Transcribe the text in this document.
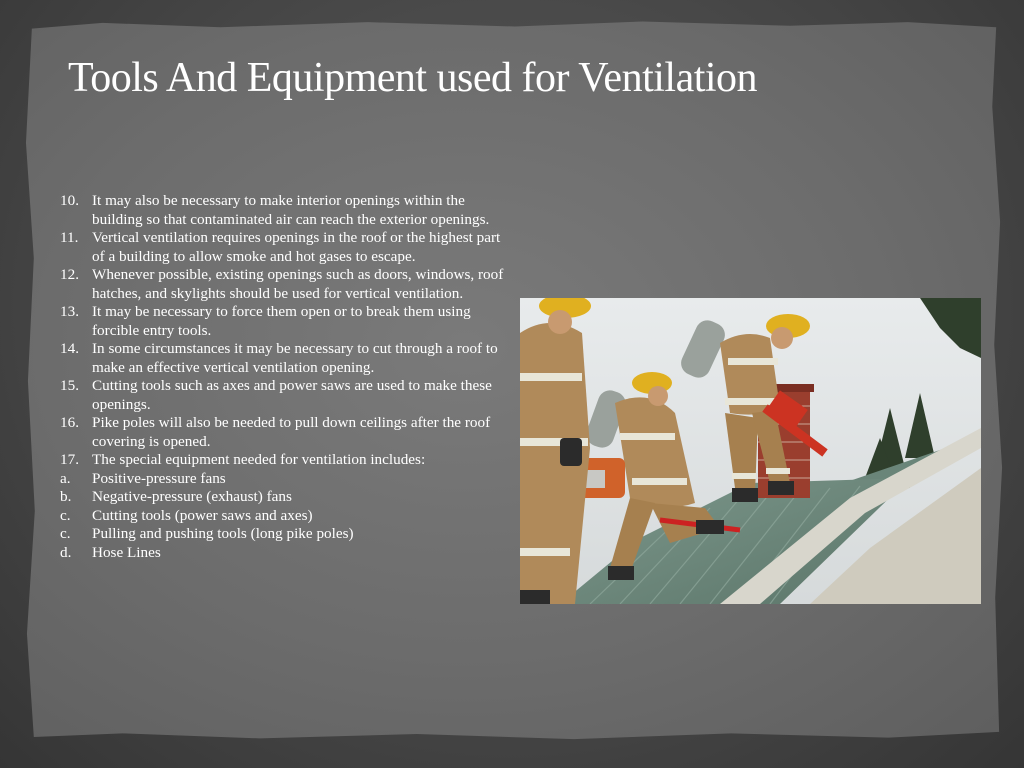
Tools And Equipment used for Ventilation
10. It may also be necessary to make interior openings within the building so that contaminated air can reach the exterior openings.
11. Vertical ventilation requires openings in the roof or the highest part of a building to allow smoke and hot gases to escape.
12. Whenever possible, existing openings such as doors, windows, roof hatches, and skylights should be used for vertical ventilation.
13. It may be necessary to force them open or to break them using forcible entry tools.
14. In some circumstances it may be necessary to cut through a roof to make an effective vertical ventilation opening.
15. Cutting tools such as axes and power saws are used to make these openings.
16. Pike poles will also be needed to pull down ceilings after the roof covering is opened.
17. The special equipment needed for ventilation includes:
a.	Positive-pressure fans
b.	Negative-pressure (exhaust) fans
c.	Cutting tools (power saws and axes)
c.	Pulling and pushing tools (long pike poles)
d.	Hose Lines
